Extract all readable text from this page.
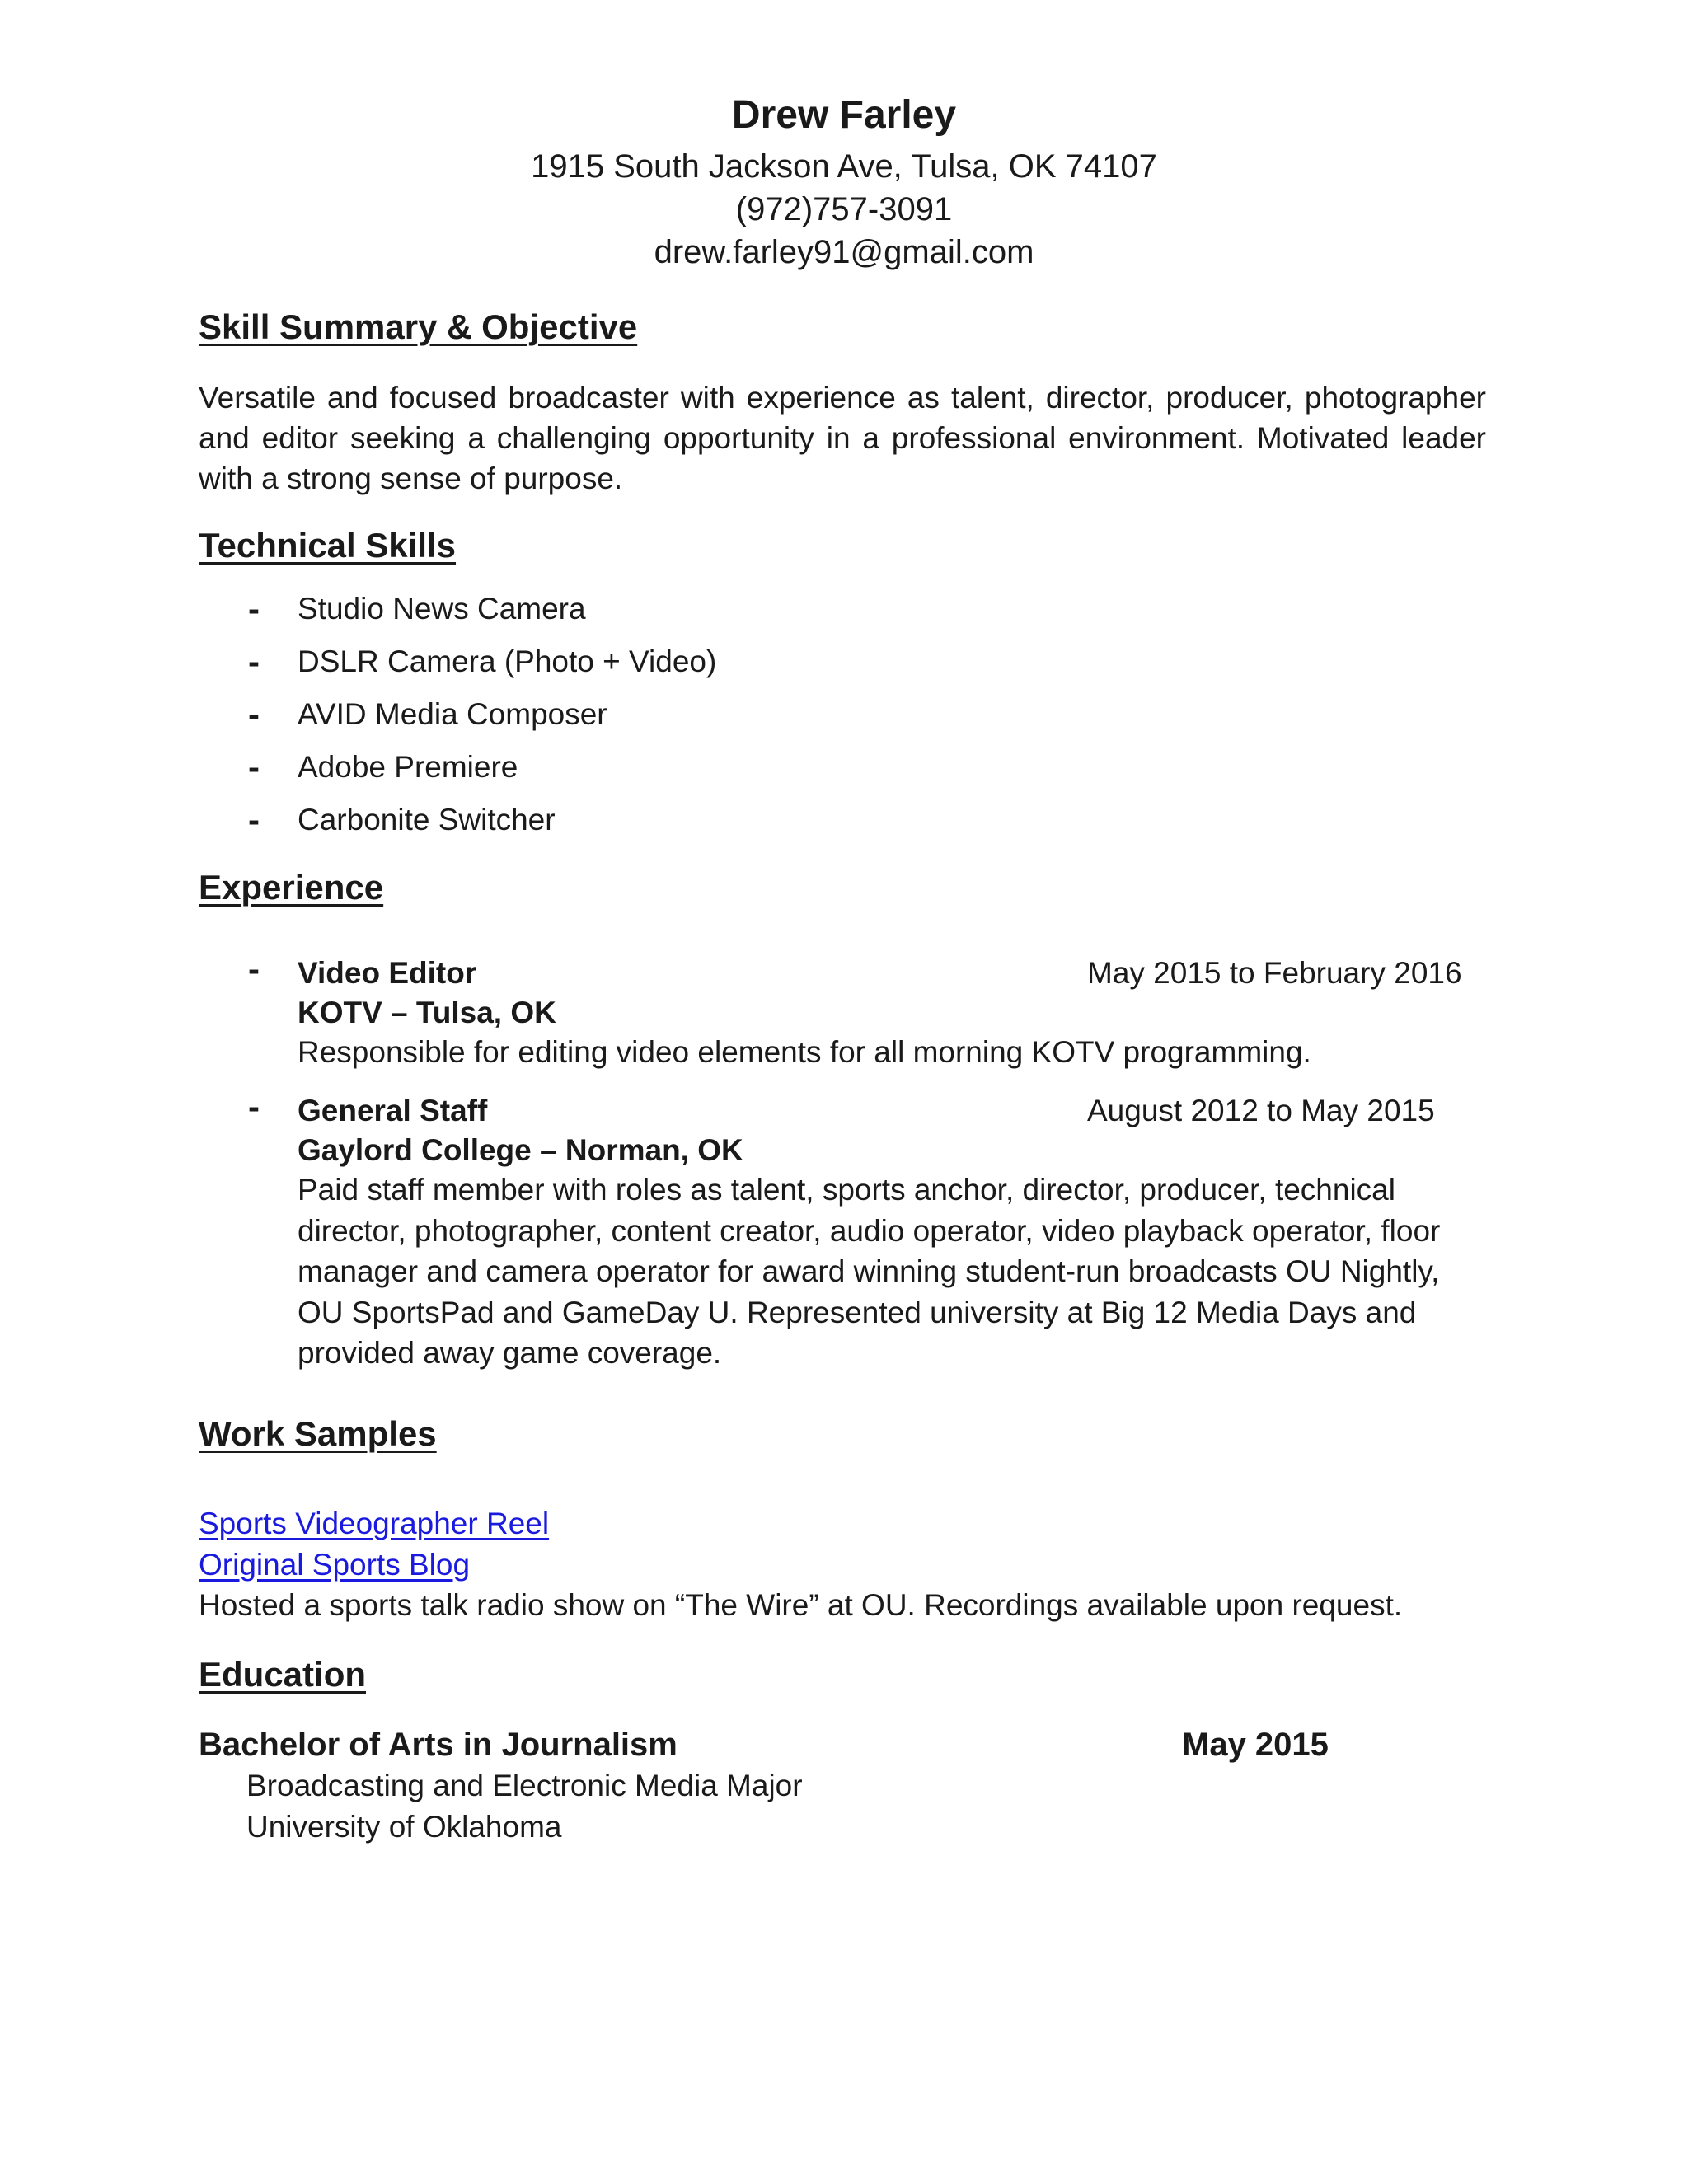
Drew Farley
1915 South Jackson Ave, Tulsa, OK 74107
(972)757-3091
drew.farley91@gmail.com
Skill Summary & Objective
Versatile and focused broadcaster with experience as talent, director, producer, photographer and editor seeking a challenging opportunity in a professional environment. Motivated leader with a strong sense of purpose.
Technical Skills
- Studio News Camera
- DSLR Camera (Photo + Video)
- AVID Media Composer
- Adobe Premiere
- Carbonite Switcher
Experience
- Video Editor	May 2015 to February 2016
KOTV – Tulsa, OK
Responsible for editing video elements for all morning KOTV programming.
- General Staff	August 2012 to May 2015
Gaylord College – Norman, OK
Paid staff member with roles as talent, sports anchor, director, producer, technical director, photographer, content creator, audio operator, video playback operator, floor manager and camera operator for award winning student-run broadcasts OU Nightly, OU SportsPad and GameDay U. Represented university at Big 12 Media Days and provided away game coverage.
Work Samples
Sports Videographer Reel
Original Sports Blog
Hosted a sports talk radio show on “The Wire” at OU. Recordings available upon request.
Education
Bachelor of Arts in Journalism	May 2015
Broadcasting and Electronic Media Major
University of Oklahoma
